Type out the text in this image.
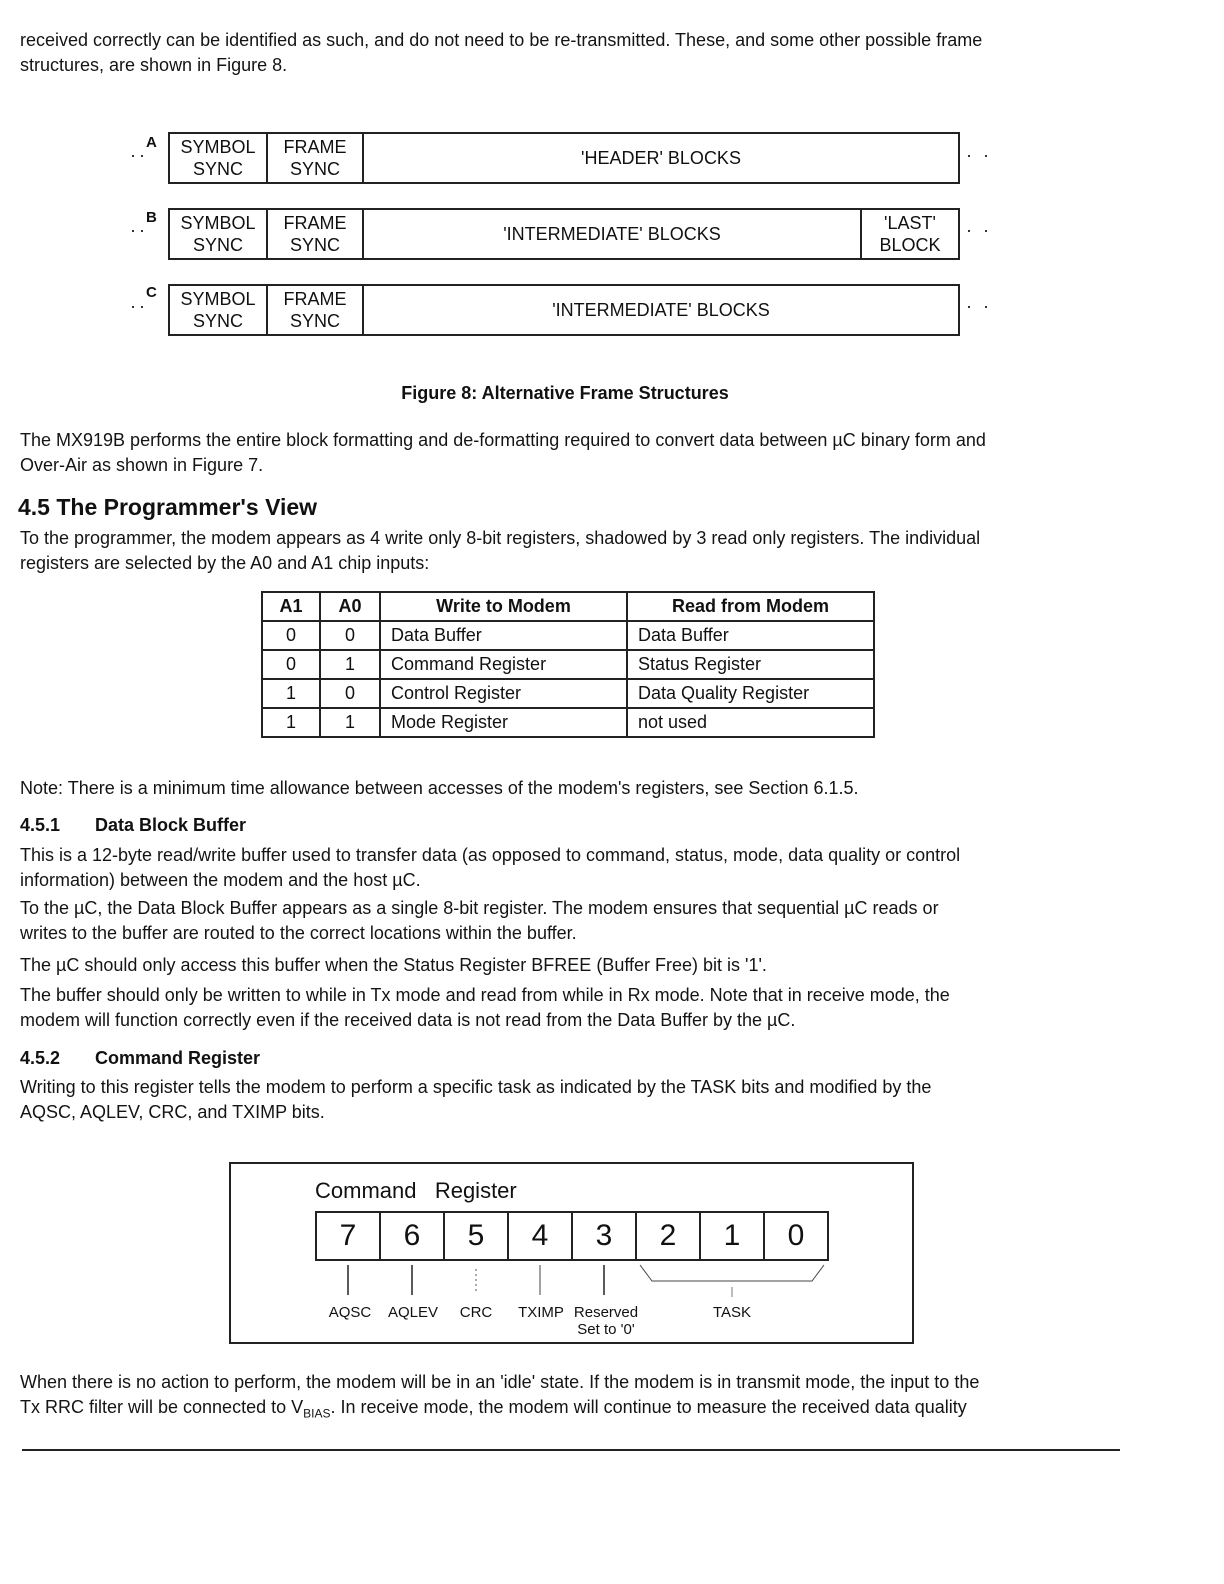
received correctly can be identified as such, and do not need to be re-transmitted. These, and some other possible frame
structures, are shown in Figure 8.
A
·· SYMBOL
SYNC
FRAME
SYNC
'HEADER' BLOCKS	· ·
B
·· SYMBOL
SYNC
FRAME
SYNC
'INTERMEDIATE' BLOCKS
'LAST'
BLOCK
· ·
C
·· SYMBOL
SYNC
FRAME
SYNC
'INTERMEDIATE' BLOCKS	· ·
Figure 8: Alternative Frame Structures
The MX919B performs the entire block formatting and de-formatting required to convert data between µC binary form and
Over-Air as shown in Figure 7.
4.5 The Programmer's View
To the programmer, the modem appears as 4 write only 8-bit registers, shadowed by 3 read only registers. The individual
registers are selected by the A0 and A1 chip inputs:
A1	A0	Write to Modem	Read from Modem
0	0	Data Buffer	Data Buffer
0	1	Command Register	Status Register
1	0	Control Register	Data Quality Register
1	1	Mode Register	not used
Note: There is a minimum time allowance between accesses of the modem's registers, see Section 6.1.5.
4.5.1 Data Block Buffer
This is a 12-byte read/write buffer used to transfer data (as opposed to command, status, mode, data quality or control
information) between the modem and the host µC.
To the µC, the Data Block Buffer appears as a single 8-bit register. The modem ensures that sequential µC reads or
writes to the buffer are routed to the correct locations within the buffer.
The µC should only access this buffer when the Status Register BFREE (Buffer Free) bit is '1'.
The buffer should only be written to while in Tx mode and read from while in Rx mode. Note that in receive mode, the
modem will function correctly even if the received data is not read from the Data Buffer by the µC.
4.5.2 Command Register
Writing to this register tells the modem to perform a specific task as indicated by the TASK bits and modified by the
AQSC, AQLEV, CRC, and TXIMP bits.
Command Register
7	6	5	4	3	2	1	0
AQSC	AQLEV	CRC	TXIMP Reserved
Set to '0'
TASK
When there is no action to perform, the modem will be in an 'idle' state. If the modem is in transmit mode, the input to the
Tx RRC filter will be connected to $V_{BIAS}$. In receive mode, the modem will continue to measure the received data quality
